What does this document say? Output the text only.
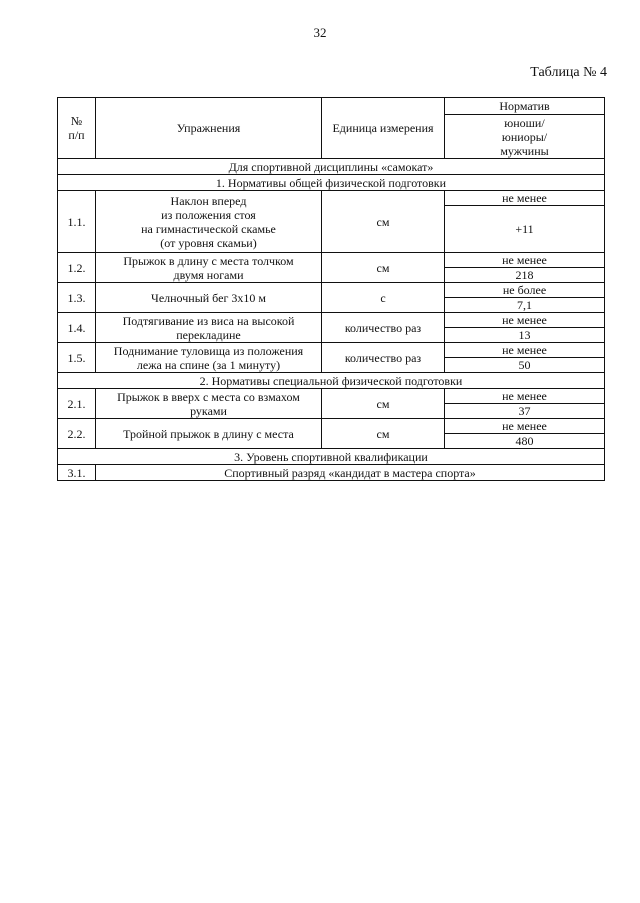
32
Таблица № 4
№
п/п	Упражнения	Единица измерения	Норматив
			юноши/
юниоры/
мужчины
Для спортивной дисциплины «самокат»			
1. Нормативы общей физической подготовки			
1.1.	Наклон вперед
из положения стоя
на гимнастической скамье
(от уровня скамьи)	см	не менее
			+11
1.2.	Прыжок в длину с места толчком
двумя ногами	см	не менее
			218
1.3.	Челночный бег 3х10 м	с	не более
			7,1
1.4.	Подтягивание из виса на высокой
перекладине	количество раз	не менее
			13
1.5.	Поднимание туловища из положения
лежа на спине (за 1 минуту)	количество раз	не менее
			50
2. Нормативы специальной физической подготовки			
2.1.	Прыжок в вверх с места со взмахом
руками	см	не менее
			37
2.2.	Тройной прыжок в длину с места	см	не менее
			480
3. Уровень спортивной квалификации			
3.1.	Спортивный разряд «кандидат в мастера спорта»		
